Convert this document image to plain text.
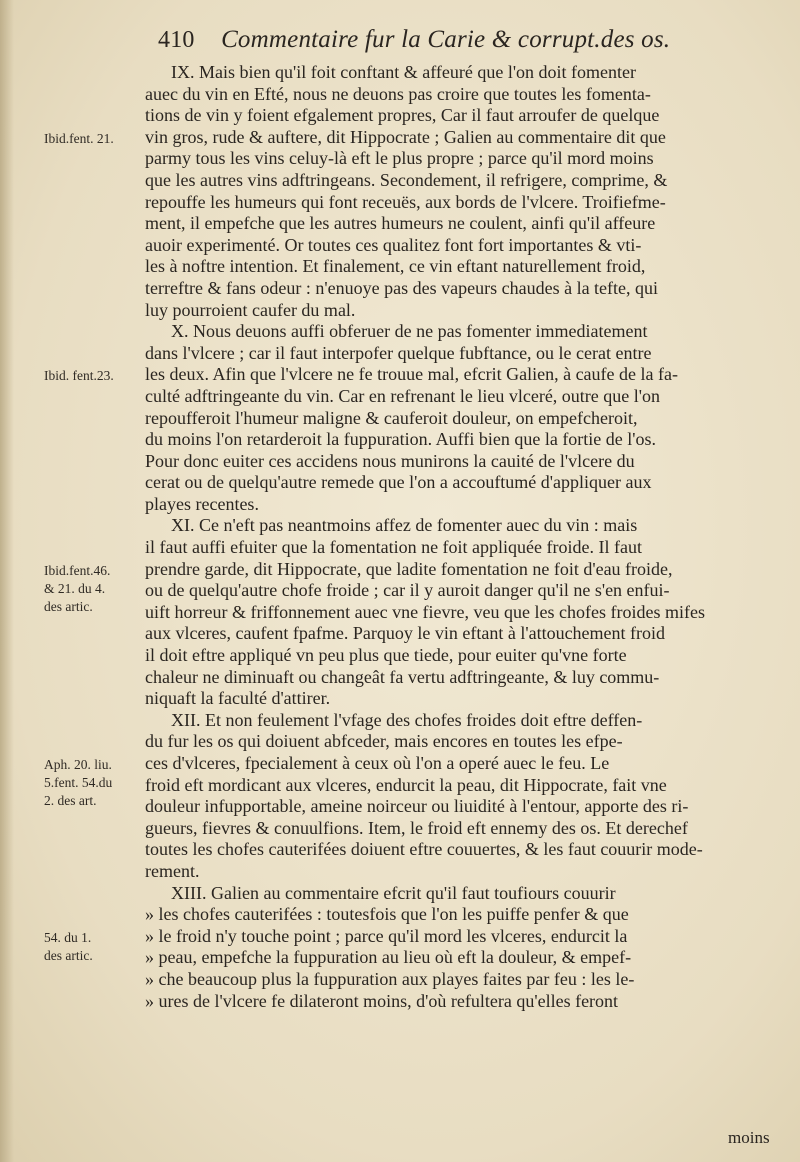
410 Commentaire fur la Carie & corrupt.des os.
Ibid.fent. 21.
Ibid. fent.23.
Ibid.fent.46.
& 21. du 4.
des artic.
Aph. 20. liu.
5.fent. 54.du
2. des art.
54. du 1.
des artic.
IX. Mais bien qu'il foit conftant & affeuré que l'on doit fomenter
auec du vin en Efté, nous ne deuons pas croire que toutes les fomenta-
tions de vin y foient efgalement propres, Car il faut arroufer de quelque
vin gros, rude & auftere, dit Hippocrate ; Galien au commentaire dit que
parmy tous les vins celuy-là eft le plus propre ; parce qu'il mord moins
que les autres vins adftringeans. Secondement, il refrigere, comprime, &
repouffe les humeurs qui font receuës, aux bords de l'vlcere. Troifiefme-
ment, il empefche que les autres humeurs ne coulent, ainfi qu'il affeure
auoir experimenté. Or toutes ces qualitez font fort importantes & vti-
les à noftre intention. Et finalement, ce vin eftant naturellement froid,
terreftre & fans odeur : n'enuoye pas des vapeurs chaudes à la tefte, qui
luy pourroient caufer du mal.
X. Nous deuons auffi obferuer de ne pas fomenter immediatement
dans l'vlcere ; car il faut interpofer quelque fubftance, ou le cerat entre
les deux. Afin que l'vlcere ne fe trouue mal, efcrit Galien, à caufe de la fa-
culté adftringeante du vin. Car en refrenant le lieu vlceré, outre que l'on
repoufferoit l'humeur maligne & cauferoit douleur, on empefcheroit,
du moins l'on retarderoit la fuppuration. Auffi bien que la fortie de l'os.
Pour donc euiter ces accidens nous munirons la cauité de l'vlcere du
cerat ou de quelqu'autre remede que l'on a accouftumé d'appliquer aux
playes recentes.
XI. Ce n'eft pas neantmoins affez de fomenter auec du vin : mais
il faut auffi efuiter que la fomentation ne foit appliquée froide. Il faut
prendre garde, dit Hippocrate, que ladite fomentation ne foit d'eau froide,
ou de quelqu'autre chofe froide ; car il y auroit danger qu'il ne s'en enfui-
uift horreur & friffonnement auec vne fievre, veu que les chofes froides mifes
aux vlceres, caufent fpafme. Parquoy le vin eftant à l'attouchement froid
il doit eftre appliqué vn peu plus que tiede, pour euiter qu'vne forte
chaleur ne diminuaft ou changeât fa vertu adftringeante, & luy commu-
niquaft la faculté d'attirer.
XII. Et non feulement l'vfage des chofes froides doit eftre deffen-
du fur les os qui doiuent abfceder, mais encores en toutes les efpe-
ces d'vlceres, fpecialement à ceux où l'on a operé auec le feu. Le
froid eft mordicant aux vlceres, endurcit la peau, dit Hippocrate, fait vne
douleur infupportable, ameine noirceur ou liuidité à l'entour, apporte des ri-
gueurs, fievres & conuulfions. Item, le froid eft ennemy des os. Et derechef
toutes les chofes cauterifées doiuent eftre couuertes, & les faut couurir mode-
rement.
XIII. Galien au commentaire efcrit qu'il faut toufiours couurir
» les chofes cauterifées : toutesfois que l'on les puiffe penfer & que
» le froid n'y touche point ; parce qu'il mord les vlceres, endurcit la
» peau, empefche la fuppuration au lieu où eft la douleur, & empef-
» che beaucoup plus la fuppuration aux playes faites par feu : les le-
» ures de l'vlcere fe dilateront moins, d'où refultera qu'elles feront
moins
